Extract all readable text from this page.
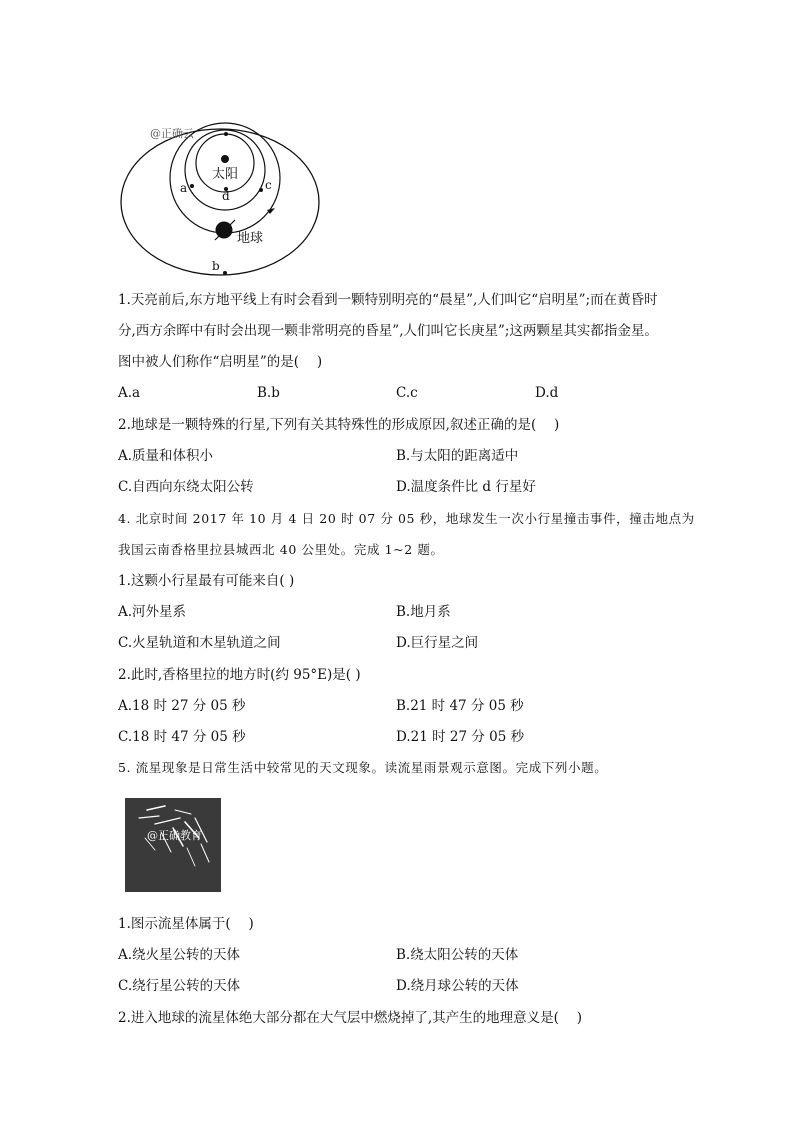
@正确云
太阳
地球
a
b
c
d
1.天亮前后,东方地平线上有时会看到一颗特别明亮的“晨星”,人们叫它“启明星”;而在黄昏时
分,西方余晖中有时会出现一颗非常明亮的昏星”,人们叫它长庚星”;这两颗星其实都指金星。
图中被人们称作“启明星”的是(　 )
A.a	B.b	C.c	D.d
2.地球是一颗特殊的行星,下列有关其特殊性的形成原因,叙述正确的是(　 )
A.质量和体积小	B.与太阳的距离适中
C.自西向东绕太阳公转	D.温度条件比 d 行星好
4. 北京时间 2017 年 10 月 4 日 20 时 07 分 05 秒，地球发生一次小行星撞击事件，撞击地点为
我国云南香格里拉县城西北 40 公里处。完成 1~2 题。
1.这颗小行星最有可能来自( )
A.河外星系	B.地月系
C.火星轨道和木星轨道之间	D.巨行星之间
2.此时,香格里拉的地方时(约 95°E)是( )
A.18 时 27 分 05 秒	B.21 时 47 分 05 秒
C.18 时 47 分 05 秒	D.21 时 27 分 05 秒
5. 流星现象是日常生活中较常见的天文现象。读流星雨景观示意图。完成下列小题。
@正确教育
1.图示流星体属于(　 )
A.绕火星公转的天体	B.绕太阳公转的天体
C.绕行星公转的天体	D.绕月球公转的天体
2.进入地球的流星体绝大部分都在大气层中燃烧掉了,其产生的地理意义是(　 )
